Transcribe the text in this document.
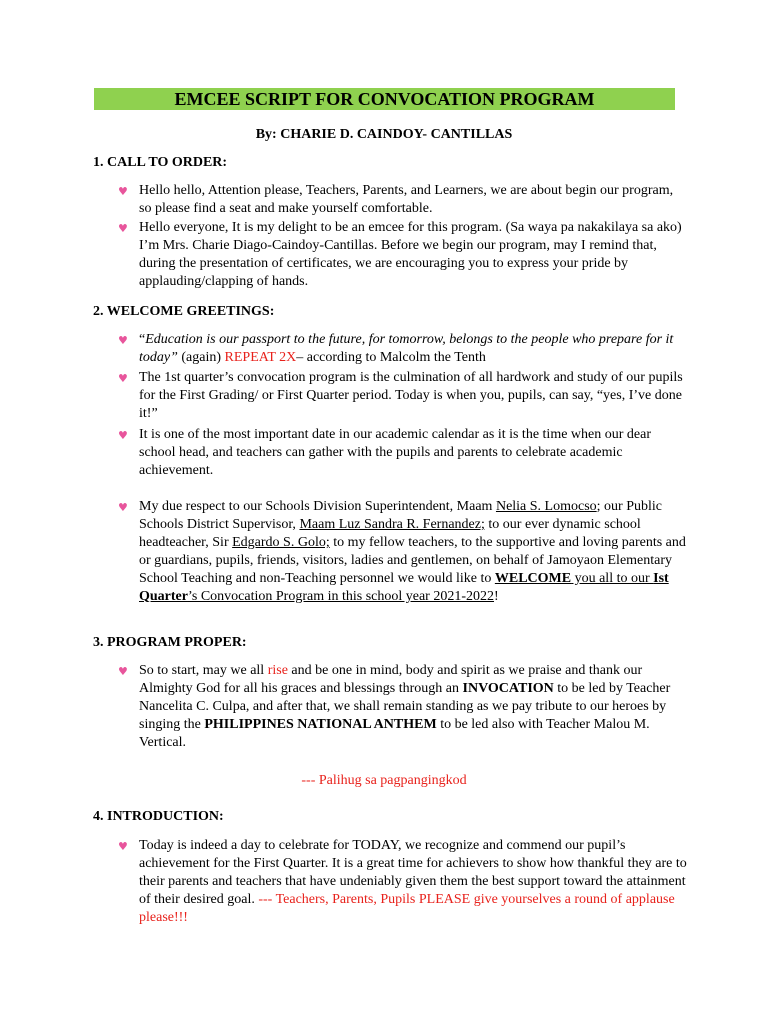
EMCEE SCRIPT FOR CONVOCATION PROGRAM
By: CHARIE D. CAINDOY- CANTILLAS
1. CALL TO ORDER:
♥ Hello hello, Attention please, Teachers, Parents, and Learners, we are about begin our program, so please find a seat and make yourself comfortable.
♥ Hello everyone, It is my delight to be an emcee for this program. (Sa waya pa nakakilaya sa ako) I’m Mrs. Charie Diago-Caindoy-Cantillas. Before we begin our program, may I remind that, during the presentation of certificates, we are encouraging you to express your pride by applauding/clapping of hands.
2. WELCOME GREETINGS:
♥ “Education is our passport to the future, for tomorrow, belongs to the people who prepare for it today” (again) REPEAT 2X– according to Malcolm the Tenth
♥ The 1st quarter’s convocation program is the culmination of all hardwork and study of our pupils for the First Grading/ or First Quarter period. Today is when you, pupils, can say, “yes, I’ve done it!”
♥ It is one of the most important date in our academic calendar as it is the time when our dear school head, and teachers can gather with the pupils and parents to celebrate academic achievement.
♥ My due respect to our Schools Division Superintendent, Maam Nelia S. Lomocso; our Public Schools District Supervisor, Maam Luz Sandra R. Fernandez; to our ever dynamic school headteacher, Sir Edgardo S. Golo; to my fellow teachers, to the supportive and loving parents and or guardians, pupils, friends, visitors, ladies and gentlemen, on behalf of Jamoyaon Elementary School Teaching and non-Teaching personnel we would like to WELCOME you all to our Ist Quarter’s Convocation Program in this school year 2021-2022!
3. PROGRAM PROPER:
♥ So to start, may we all rise and be one in mind, body and spirit as we praise and thank our Almighty God for all his graces and blessings through an INVOCATION to be led by Teacher Nancelita C. Culpa, and after that, we shall remain standing as we pay tribute to our heroes by singing the PHILIPPINES NATIONAL ANTHEM to be led also with Teacher Malou M. Vertical.
--- Palihug sa pagpangingkod
4. INTRODUCTION:
♥ Today is indeed a day to celebrate for TODAY, we recognize and commend our pupil’s achievement for the First Quarter. It is a great time for achievers to show how thankful they are to their parents and teachers that have undeniably given them the best support toward the attainment of their desired goal. --- Teachers, Parents, Pupils PLEASE give yourselves a round of applause please!!!
